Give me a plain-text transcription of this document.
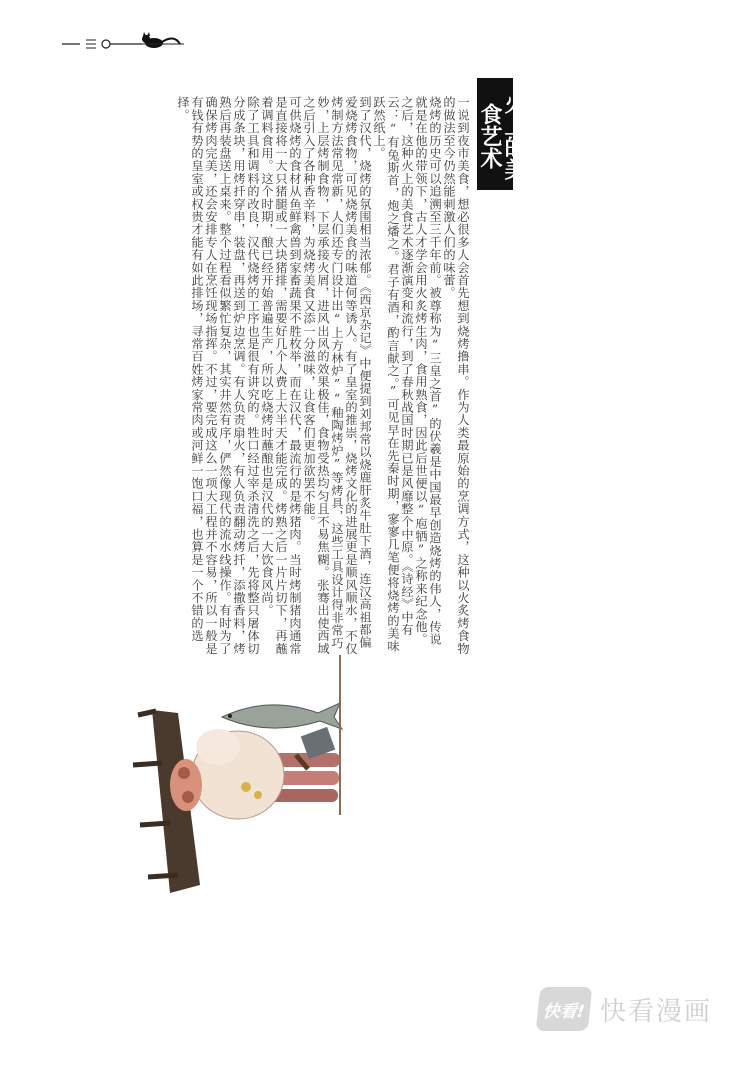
火上的美食艺术
一说到夜市美食，想必很多人会首先想到烧烤撸串。作为人类最原始的烹调方式，这种以火炙烤食物的做法至今仍然能刺激人们的味蕾。
烧烤的历史可以追溯至三千年前。被尊称为“三皇之首”的伏羲是中国最早创造烧烤的伟人，传说就是在他的带领下，古人才学会用火炙烤生肉，食用熟食，因此后世便以“庖牺”之称来纪念他。之后，这种火上的美食艺术逐渐演变和流行，到了春秋战国时期已是风靡整个中原。《诗经》中有云：“有兔斯首，炮之燔之。君子有酒，酌言献之。”可见早在先秦时期，寥寥几笔便将烧烤的美味跃然纸上。
到了汉代，烧烤的氛围相当浓郁。《西京杂记》中便提到刘邦常以烧鹿肝炙牛肚下酒，连汉高祖都偏爱烧烤食物，可见烧烤美食的味道何等诱人。有了皇室的推崇，烧烤文化的进展更是顺风顺水，不仅烤制方法常见常新，人们还专门设计出“上方林炉”“釉陶烤炉”等烤具，这些工具设计得非常巧妙，上层烤制食物，下层承接火屑，进风出风的效果极佳，食物受热均匀且不易焦糊。张骞出使西域之后引入了各种香辛料，为烧烤美食又添一分滋味，让食客们更加欲罢不能。
可供烧烤的食材从鱼鲜禽兽到家畜蔬果不胜枚举，而在汉代，最流行的是烤猪肉。当时烤制猪肉通常是直接将一大只猪腿或一大块猪排，需要好几个人费上大半天才能完成。烤熟之后一片片切下，再蘸着调料食用。这个时期，酿已经开始普遍生产，所以吃烧烤时蘸酿也是汉代的一大饮食风尚。
除了工具和调料的改良，汉代烧烤的工序也是很有讲究的。牲口经过宰杀清洗之后，先将整只屠体切分成条块，用烤扦穿串，装盘，再送到炉边烹调。有人负责扇火，有人负责翻动烤扦，添撒香料，烤熟后再装盘送上桌来。整个过程看似繁忙复杂，其实井然有序，俨然像现代的流水线操作。有时为了确保烤肉完美，还会安排专人在烹饪现场指挥。不过，要完成这么一项大工程并不容易，所以一般是有钱有势的皇室或权贵才能有如此排场，寻常百姓烤家常肉或河鲜一饱口福，也算是一个不错的选择。
快看! 快看漫画
